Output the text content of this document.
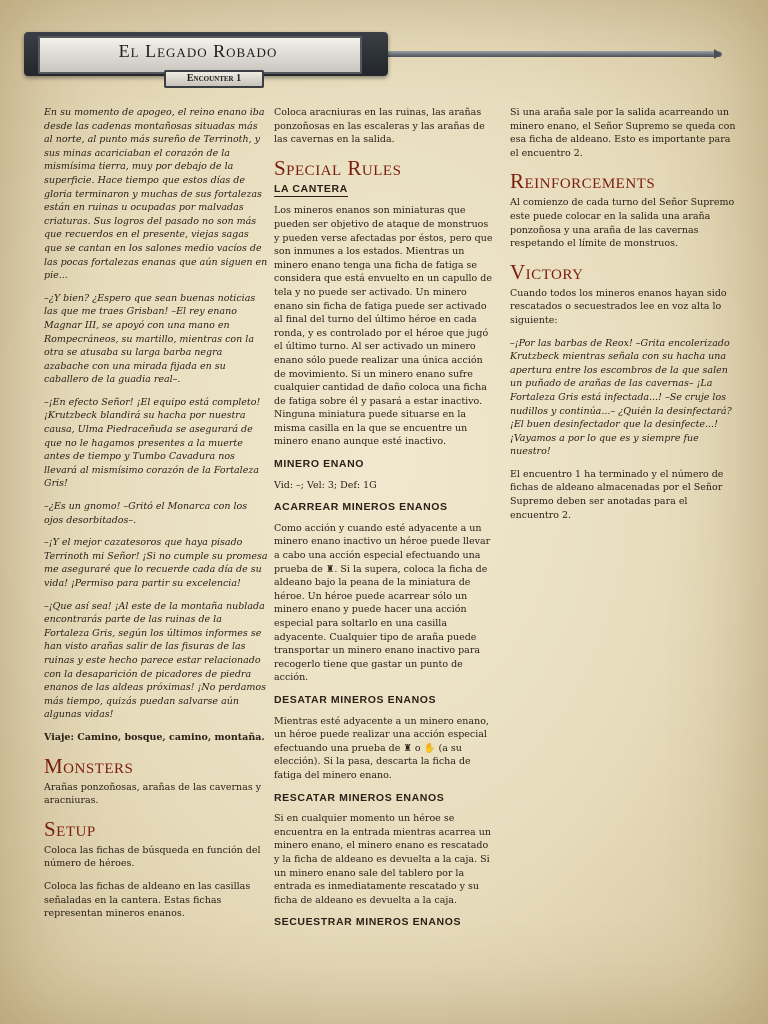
El Legado Robado
Encounter 1

En su momento de apogeo, el reino enano iba desde las cadenas montañosas situadas más al norte, al punto más sureño de Terrinoth, y sus minas acariciaban el corazón de la mismísima tierra, muy por debajo de la superficie. Hace tiempo que estos días de gloria terminaron y muchas de sus fortalezas están en ruinas u ocupadas por malvadas criaturas. Sus logros del pasado no son más que recuerdos en el presente, viejas sagas que se cantan en los salones medio vacíos de las pocas fortalezas enanas que aún siguen en pie...

–¿Y bien? ¿Espero que sean buenas noticias las que me traes Grisban! –El rey enano Magnar III, se apoyó con una mano en Rompecráneos, su martillo, mientras con la otra se atusaba su larga barba negra azabache con una mirada fijada en su caballero de la guadia real–.

–¡En efecto Señor! ¡El equipo está completo! ¡Krutzbeck blandirá su hacha por nuestra causa, Ulma Piedraceñuda se asegurará de que no le hagamos presentes a la muerte antes de tiempo y Tumbo Cavadura nos llevará al mismísimo corazón de la Fortaleza Gris!

–¿Es un gnomo! –Gritó el Monarca con los ojos desorbitados–.

–¡Y el mejor cazatesoros que haya pisado Terrinoth mi Señor! ¡Si no cumple su promesa me aseguraré que lo recuerde cada día de su vida! ¡Permiso para partir su excelencia!

–¡Que así sea! ¡Al este de la montaña nublada encontrarás parte de las ruinas de la Fortaleza Gris, según los últimos informes se han visto arañas salir de las fisuras de las ruinas y este hecho parece estar relacionado con la desaparición de picadores de piedra enanos de las aldeas próximas! ¡No perdamos más tiempo, quizás puedan salvarse aún algunas vidas!

Viaje: Camino, bosque, camino, montaña.

Monsters

Arañas ponzoñosas, arañas de las cavernas y aracniuras.

Setup

Coloca las fichas de búsqueda en función del número de héroes.

Coloca las fichas de aldeano en las casillas señaladas en la cantera. Estas fichas representan mineros enanos.

Coloca aracniuras en las ruinas, las arañas ponzoñosas en las escaleras y las arañas de las cavernas en la salida.

Special Rules
LA CANTERA

Los mineros enanos son miniaturas que pueden ser objetivo de ataque de monstruos y pueden verse afectadas por éstos, pero que son inmunes a los estados. Mientras un minero enano tenga una ficha de fatiga se considera que está envuelto en un capullo de tela y no puede ser activado. Un minero enano sin ficha de fatiga puede ser activado al final del turno del último héroe en cada ronda, y es controlado por el héroe que jugó el último turno. Al ser activado un minero enano sólo puede realizar una única acción de movimiento. Si un minero enano sufre cualquier cantidad de daño coloca una ficha de fatiga sobre él y pasará a estar inactivo. Ninguna miniatura puede situarse en la misma casilla en la que se encuentre un minero enano aunque esté inactivo.

MINERO ENANO

Vid: –; Vel: 3; Def: 1G

ACARREAR MINEROS ENANOS

Como acción y cuando esté adyacente a un minero enano inactivo un héroe puede llevar a cabo una acción especial efectuando una prueba de ♜. Si la supera, coloca la ficha de aldeano bajo la peana de la miniatura de héroe. Un héroe puede acarrear sólo un minero enano y puede hacer una acción especial para soltarlo en una casilla adyacente. Cualquier tipo de araña puede transportar un minero enano inactivo para recogerlo tiene que gastar un punto de acción.

DESATAR MINEROS ENANOS

Mientras esté adyacente a un minero enano, un héroe puede realizar una acción especial efectuando una prueba de ♜ o ✋ (a su elección). Si la pasa, descarta la ficha de fatiga del minero enano.

RESCATAR MINEROS ENANOS

Si en cualquier momento un héroe se encuentra en la entrada mientras acarrea un minero enano, el minero enano es rescatado y la ficha de aldeano es devuelta a la caja. Si un minero enano sale del tablero por la entrada es inmediatamente rescatado y su ficha de aldeano es devuelta a la caja.

SECUESTRAR MINEROS ENANOS

Si una araña sale por la salida acarreando un minero enano, el Señor Supremo se queda con esa ficha de aldeano. Esto es importante para el encuentro 2.

Reinforcements

Al comienzo de cada turno del Señor Supremo este puede colocar en la salida una araña ponzoñosa y una araña de las cavernas respetando el límite de monstruos.

Victory

Cuando todos los mineros enanos hayan sido rescatados o secuestrados lee en voz alta lo siguiente:

–¡Por las barbas de Reox! –Grita encolerizado Krutzbeck mientras señala con su hacha una apertura entre los escombros de la que salen un puñado de arañas de las cavernas– ¡La Fortaleza Gris está infectada...! –Se cruje los nudillos y continúa...– ¿Quién la desinfectará? ¡El buen desinfectador que la desinfecte...! ¡Vayamos a por lo que es y siempre fue nuestro!

El encuentro 1 ha terminado y el número de fichas de aldeano almacenadas por el Señor Supremo deben ser anotadas para el encuentro 2.
